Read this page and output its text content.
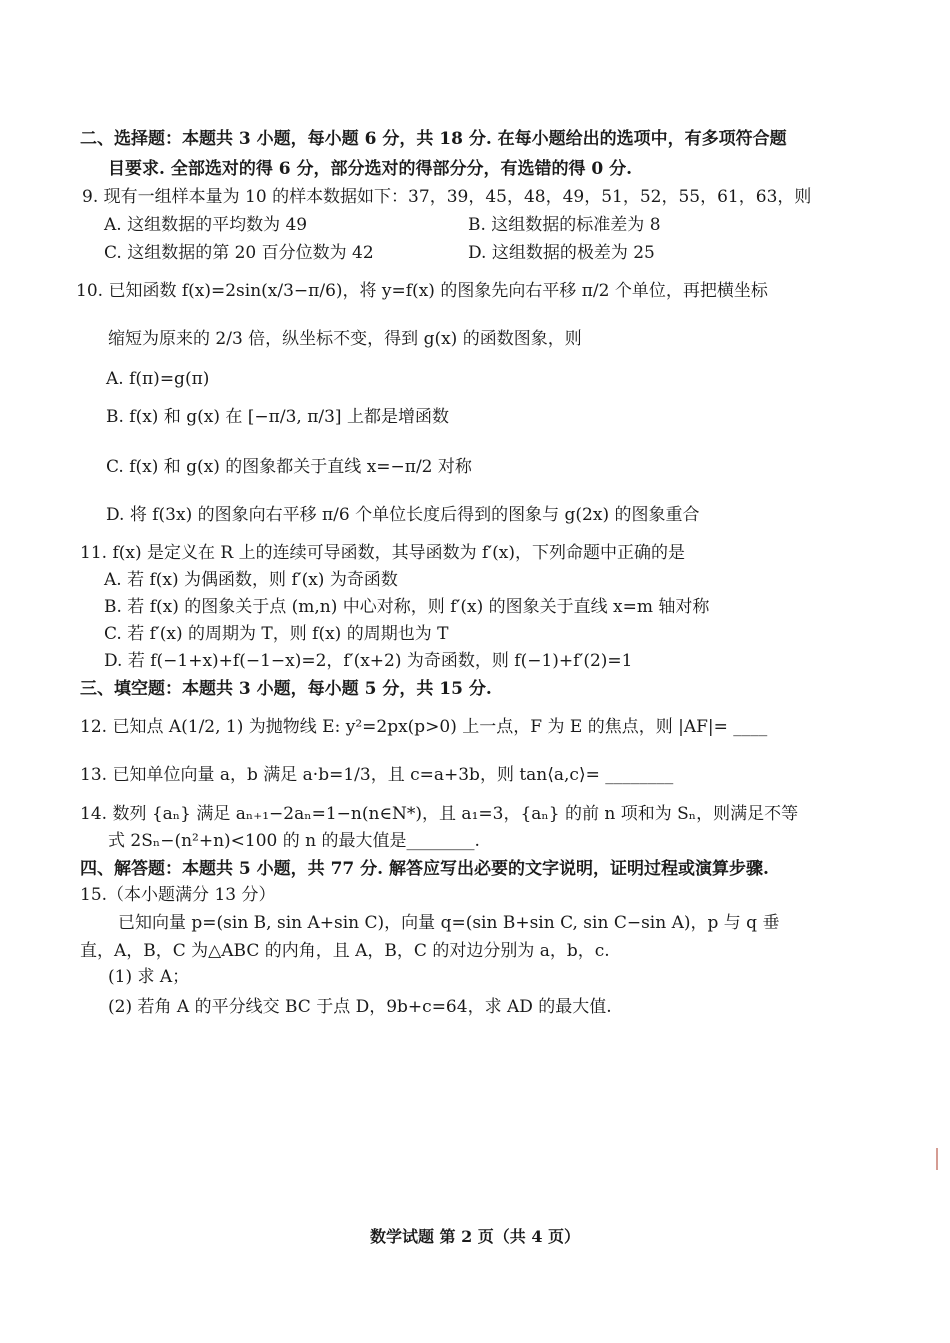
二、选择题：本题共 3 小题，每小题 6 分，共 18 分. 在每小题给出的选项中，有多项符合题
目要求. 全部选对的得 6 分，部分选对的得部分分，有选错的得 0 分.
9. 现有一组样本量为 10 的样本数据如下：37，39，45，48，49，51，52，55，61，63，则
A. 这组数据的平均数为 49	B. 这组数据的标准差为 8
C. 这组数据的第 20 百分位数为 42	D. 这组数据的极差为 25
10. 已知函数 f(x)=2sin(x/3−π/6)，将 y=f(x) 的图象先向右平移 π/2 个单位，再把横坐标
缩短为原来的 2/3 倍，纵坐标不变，得到 g(x) 的函数图象，则
A. f(π)=g(π)
B. f(x) 和 g(x) 在 [−π/3, π/3] 上都是增函数
C. f(x) 和 g(x) 的图象都关于直线 x=−π/2 对称
D. 将 f(3x) 的图象向右平移 π/6 个单位长度后得到的图象与 g(2x) 的图象重合
11. f(x) 是定义在 R 上的连续可导函数，其导函数为 f′(x)，下列命题中正确的是
A. 若 f(x) 为偶函数，则 f′(x) 为奇函数
B. 若 f(x) 的图象关于点 (m,n) 中心对称，则 f′(x) 的图象关于直线 x=m 轴对称
C. 若 f′(x) 的周期为 T，则 f(x) 的周期也为 T
D. 若 f(−1+x)+f(−1−x)=2，f′(x+2) 为奇函数，则 f(−1)+f′(2)=1
三、填空题：本题共 3 小题，每小题 5 分，共 15 分.
12. 已知点 A(1/2, 1) 为抛物线 E: y²=2px(p>0) 上一点，F 为 E 的焦点，则 |AF|= ____
13. 已知单位向量 a，b 满足 a·b=1/3，且 c=a+3b，则 tan⟨a,c⟩= ________
14. 数列 {aₙ} 满足 aₙ₊₁−2aₙ=1−n(n∈N*)，且 a₁=3，{aₙ} 的前 n 项和为 Sₙ，则满足不等
式 2Sₙ−(n²+n)<100 的 n 的最大值是________.
四、解答题：本题共 5 小题，共 77 分. 解答应写出必要的文字说明，证明过程或演算步骤.
15.（本小题满分 13 分）
已知向量 p=(sin B, sin A+sin C)，向量 q=(sin B+sin C, sin C−sin A)，p 与 q 垂
直，A，B，C 为△ABC 的内角，且 A，B，C 的对边分别为 a，b，c.
(1) 求 A；
(2) 若角 A 的平分线交 BC 于点 D，9b+c=64，求 AD 的最大值.
数学试题 第 2 页（共 4 页）
